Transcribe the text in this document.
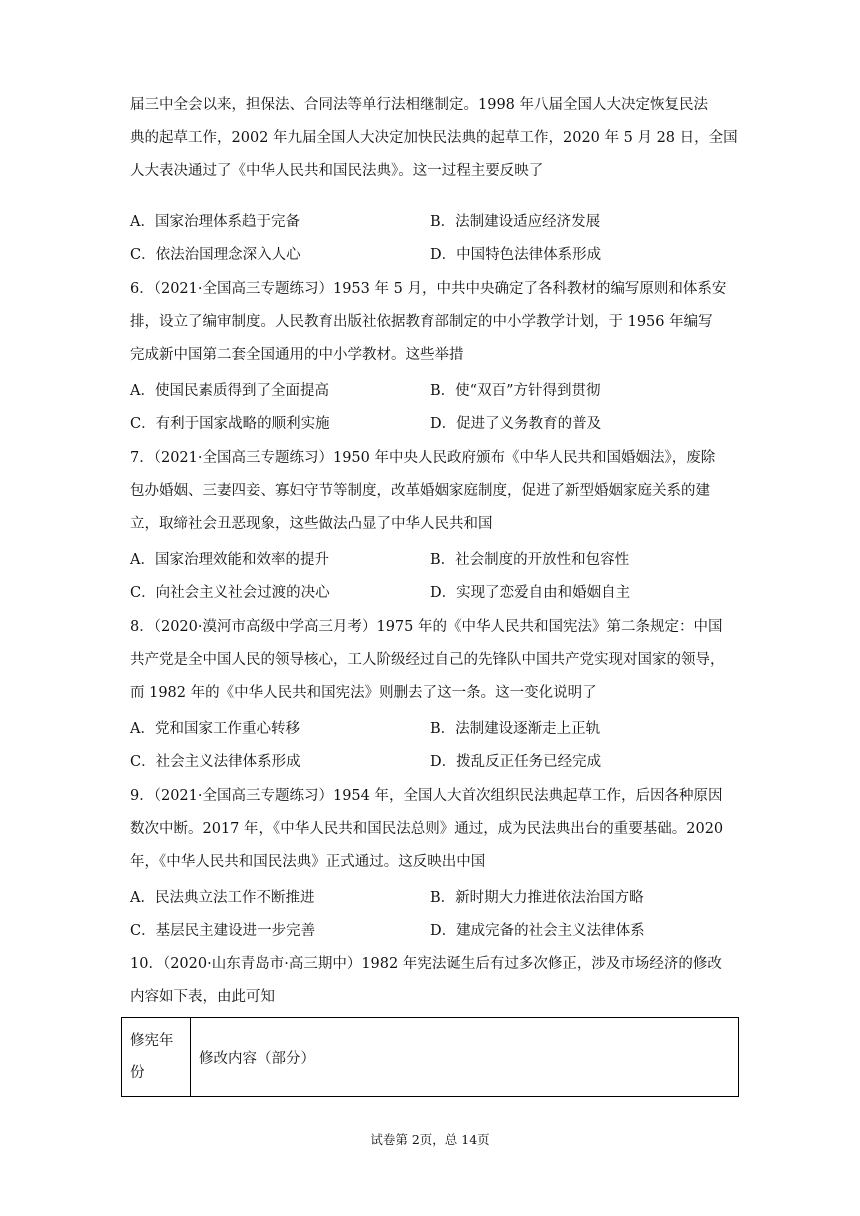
届三中全会以来，担保法、合同法等单行法相继制定。1998 年八届全国人大决定恢复民法
典的起草工作，2002 年九届全国人大决定加快民法典的起草工作，2020 年 5 月 28 日，全国
人大表决通过了《中华人民共和国民法典》。这一过程主要反映了
A．国家治理体系趋于完备	B．法制建设适应经济发展
C．依法治国理念深入人心	D．中国特色法律体系形成
6．（2021·全国高三专题练习）1953 年 5 月，中共中央确定了各科教材的编写原则和体系安
排，设立了编审制度。人民教育出版社依据教育部制定的中小学教学计划，于 1956 年编写
完成新中国第二套全国通用的中小学教材。这些举措
A．使国民素质得到了全面提高	B．使“双百”方针得到贯彻
C．有利于国家战略的顺利实施	D．促进了义务教育的普及
7．（2021·全国高三专题练习）1950 年中央人民政府颁布《中华人民共和国婚姻法》，废除
包办婚姻、三妻四妾、寡妇守节等制度，改革婚姻家庭制度，促进了新型婚姻家庭关系的建
立，取缔社会丑恶现象，这些做法凸显了中华人民共和国
A．国家治理效能和效率的提升	B．社会制度的开放性和包容性
C．向社会主义社会过渡的决心	D．实现了恋爱自由和婚姻自主
8．（2020·漠河市高级中学高三月考）1975 年的《中华人民共和国宪法》第二条规定：中国
共产党是全中国人民的领导核心，工人阶级经过自己的先锋队中国共产党实现对国家的领导，
而 1982 年的《中华人民共和国宪法》则删去了这一条。这一变化说明了
A．党和国家工作重心转移	B．法制建设逐渐走上正轨
C．社会主义法律体系形成	D．拨乱反正任务已经完成
9．（2021·全国高三专题练习）1954 年，全国人大首次组织民法典起草工作，后因各种原因
数次中断。2017 年，《中华人民共和国民法总则》通过，成为民法典出台的重要基础。2020
年，《中华人民共和国民法典》正式通过。这反映出中国
A．民法典立法工作不断推进	B．新时期大力推进依法治国方略
C．基层民主建设进一步完善	D．建成完备的社会主义法律体系
10．（2020·山东青岛市·高三期中）1982 年宪法诞生后有过多次修正，涉及市场经济的修改
内容如下表，由此可知
修宪年份	修改内容（部分）
试卷第 2页，总 14页
